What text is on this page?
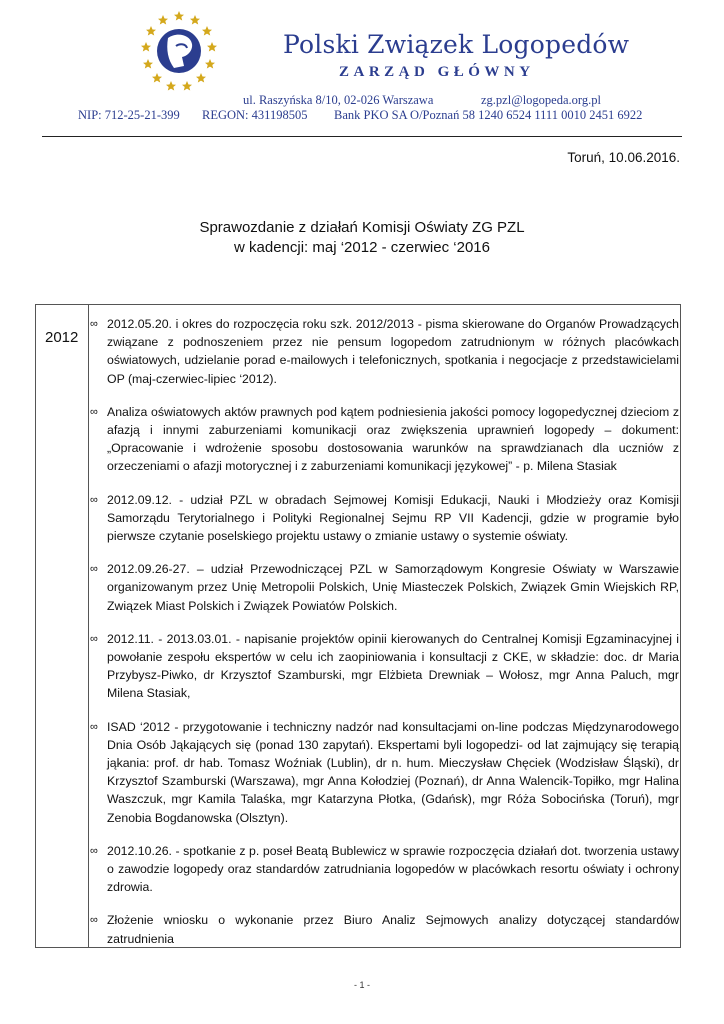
Polski Związek Logopedów
ZARZĄD GŁÓWNY
ul. Raszyńska 8/10, 02-026 Warszawa	zg.pzl@logopeda.org.pl
NIP: 712-25-21-399 REGON: 431198505 Bank PKO SA O/Poznań 58 1240 6524 1111 0010 2451 6922
Toruń, 10.06.2016.
Sprawozdanie z działań Komisji Oświaty ZG PZL
w kadencji: maj ‘2012 - czerwiec ‘2016
2012
∞ 2012.05.20. i okres do rozpoczęcia roku szk. 2012/2013 - pisma skierowane do Organów Prowadzących związane z podnoszeniem przez nie pensum logopedom zatrudnionym w różnych placówkach oświatowych, udzielanie porad e-mailowych i telefonicznych, spotkania i negocjacje z przedstawicielami OP (maj-czerwiec-lipiec ‘2012).
∞ Analiza oświatowych aktów prawnych pod kątem podniesienia jakości pomocy logopedycznej dzieciom z afazją i innymi zaburzeniami komunikacji oraz zwiększenia uprawnień logopedy – dokument: „Opracowanie i wdrożenie sposobu dostosowania warunków na sprawdzianach dla uczniów z orzeczeniami o afazji motorycznej i z zaburzeniami komunikacji językowej” - p. Milena Stasiak
∞ 2012.09.12. - udział PZL w obradach Sejmowej Komisji Edukacji, Nauki i Młodzieży oraz Komisji Samorządu Terytorialnego i Polityki Regionalnej Sejmu RP VII Kadencji, gdzie w programie było pierwsze czytanie poselskiego projektu ustawy o zmianie ustawy o systemie oświaty.
∞ 2012.09.26-27. – udział Przewodniczącej PZL w Samorządowym Kongresie Oświaty w Warszawie organizowanym przez Unię Metropolii Polskich, Unię Miasteczek Polskich, Związek Gmin Wiejskich RP, Związek Miast Polskich i Związek Powiatów Polskich.
∞ 2012.11. - 2013.03.01. - napisanie projektów opinii kierowanych do Centralnej Komisji Egzaminacyjnej i powołanie zespołu ekspertów w celu ich zaopiniowania i konsultacji z CKE, w składzie: doc. dr Maria Przybysz-Piwko, dr Krzysztof Szamburski, mgr Elżbieta Drewniak – Wołosz, mgr Anna Paluch, mgr Milena Stasiak,
∞ ISAD ‘2012 - przygotowanie i techniczny nadzór nad konsultacjami on-line podczas Międzynarodowego Dnia Osób Jąkających się (ponad 130 zapytań). Ekspertami byli logopedzi- od lat zajmujący się terapią jąkania: prof. dr hab. Tomasz Woźniak (Lublin), dr n. hum. Mieczysław Chęciek (Wodzisław Śląski), dr Krzysztof Szamburski (Warszawa), mgr Anna Kołodziej (Poznań), dr Anna Walencik-Topiłko, mgr Halina Waszczuk, mgr Kamila Talaśka, mgr Katarzyna Płotka, (Gdańsk), mgr Róża Sobocińska (Toruń), mgr Zenobia Bogdanowska (Olsztyn).
∞ 2012.10.26. - spotkanie z p. poseł Beatą Bublewicz w sprawie rozpoczęcia działań dot. tworzenia ustawy o zawodzie logopedy oraz standardów zatrudniania logopedów w placówkach resortu oświaty i ochrony zdrowia.
∞ Złożenie wniosku o wykonanie przez Biuro Analiz Sejmowych analizy dotyczącej standardów zatrudnienia
- 1 -
